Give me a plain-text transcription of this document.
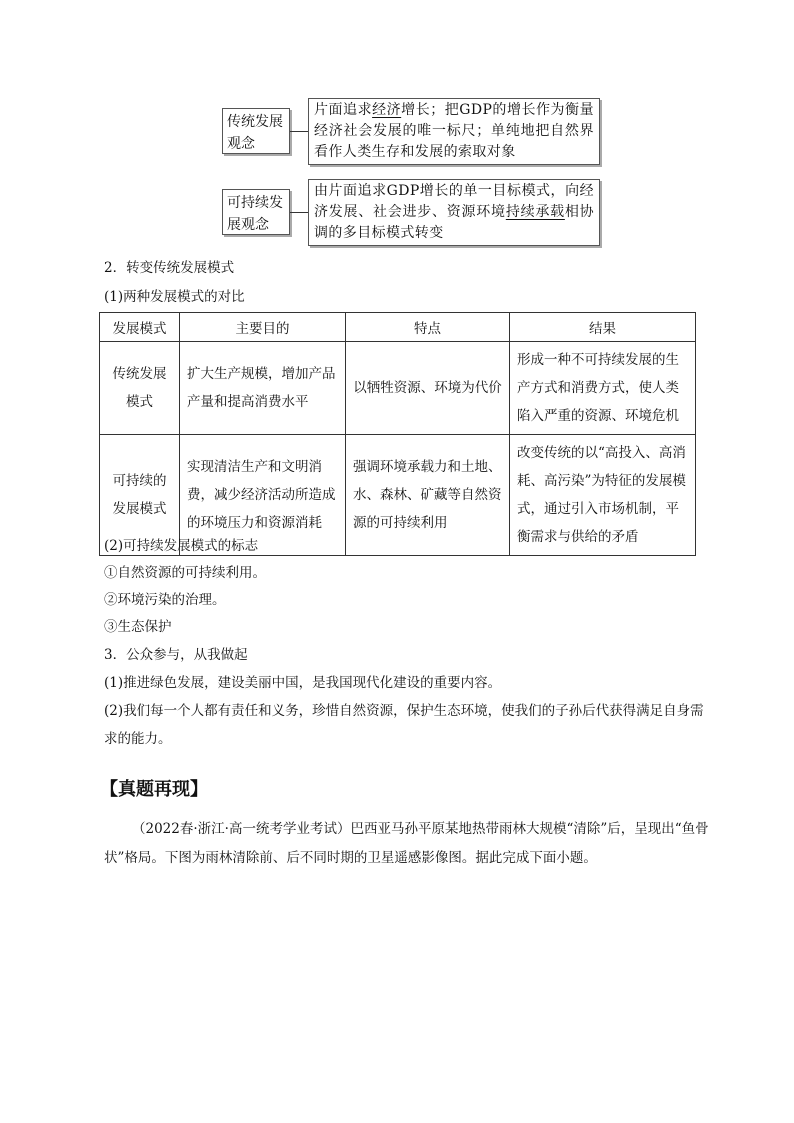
传统发展观念
片面追求经济增长；把GDP的增长作为衡量经济社会发展的唯一标尺；单纯地把自然界看作人类生存和发展的索取对象
可持续发展观念
由片面追求GDP增长的单一目标模式，向经济发展、社会进步、资源环境持续承载相协调的多目标模式转变
2．转变传统发展模式
(1)两种发展模式的对比
发展模式	主要目的	特点	结果
传统发展模式	扩大生产规模，增加产品产量和提高消费水平	以牺牲资源、环境为代价	形成一种不可持续发展的生产方式和消费方式，使人类陷入严重的资源、环境危机
可持续的发展模式	实现清洁生产和文明消费，减少经济活动所造成的环境压力和资源消耗	强调环境承载力和土地、水、森林、矿藏等自然资源的可持续利用	改变传统的以“高投入、高消耗、高污染”为特征的发展模式，通过引入市场机制，平衡需求与供给的矛盾
(2)可持续发展模式的标志
①自然资源的可持续利用。
②环境污染的治理。
③生态保护
3．公众参与，从我做起
(1)推进绿色发展，建设美丽中国，是我国现代化建设的重要内容。
(2)我们每一个人都有责任和义务，珍惜自然资源，保护生态环境，使我们的子孙后代获得满足自身需
求的能力。
【真题再现】
（2022春·浙江·高一统考学业考试）巴西亚马孙平原某地热带雨林大规模“清除”后，呈现出“鱼骨
状”格局。下图为雨林清除前、后不同时期的卫星遥感影像图。据此完成下面小题。
